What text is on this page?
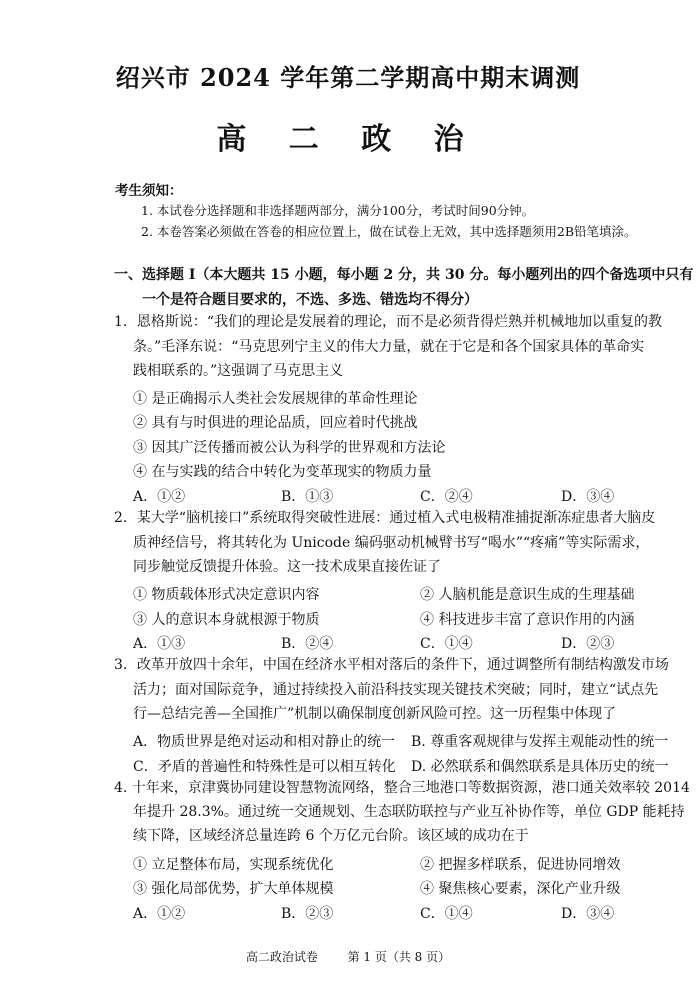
绍兴市 2024 学年第二学期高中期末调测
高 二 政 治
考生须知：
1. 本试卷分选择题和非选择题两部分，满分100分，考试时间90分钟。
2. 本卷答案必须做在答卷的相应位置上，做在试卷上无效，其中选择题须用2B铅笔填涂。
一、选择题 I（本大题共 15 小题，每小题 2 分，共 30 分。每小题列出的四个备选项中只有
一个是符合题目要求的，不选、多选、错选均不得分）
1．恩格斯说：“我们的理论是发展着的理论，而不是必须背得烂熟并机械地加以重复的教
条。”毛泽东说：“马克思列宁主义的伟大力量，就在于它是和各个国家具体的革命实
践相联系的。”这强调了马克思主义
① 是正确揭示人类社会发展规律的革命性理论
② 具有与时俱进的理论品质，回应着时代挑战
③ 因其广泛传播而被公认为科学的世界观和方法论
④ 在与实践的结合中转化为变革现实的物质力量
A．①②	B．①③	C．②④	D．③④
2．某大学“脑机接口”系统取得突破性进展：通过植入式电极精准捕捉渐冻症患者大脑皮
质神经信号，将其转化为 Unicode 编码驱动机械臂书写“喝水”“疼痛”等实际需求，
同步触觉反馈提升体验。这一技术成果直接佐证了
① 物质载体形式决定意识内容	② 人脑机能是意识生成的生理基础
③ 人的意识本身就根源于物质	④ 科技进步丰富了意识作用的内涵
A．①③	B．②④	C．①④	D．②③
3．改革开放四十余年，中国在经济水平相对落后的条件下，通过调整所有制结构激发市场
活力；面对国际竞争，通过持续投入前沿科技实现关键技术突破；同时，建立“试点先
行—总结完善—全国推广”机制以确保制度创新风险可控。这一历程集中体现了
A．物质世界是绝对运动和相对静止的统一 B. 尊重客观规律与发挥主观能动性的统一
C．矛盾的普遍性和特殊性是可以相互转化 D. 必然联系和偶然联系是具体历史的统一
4. 十年来，京津冀协同建设智慧物流网络，整合三地港口等数据资源，港口通关效率较 2014
年提升 28.3%。通过统一交通规划、生态联防联控与产业互补协作等，单位 GDP 能耗持
续下降，区域经济总量连跨 6 个万亿元台阶。该区域的成功在于
① 立足整体布局，实现系统优化	② 把握多样联系，促进协同增效
③ 强化局部优势，扩大单体规模	④ 聚焦核心要素，深化产业升级
A．①②	B．②③	C．①④	D．③④
高二政治试卷 第 1 页（共 8 页）
